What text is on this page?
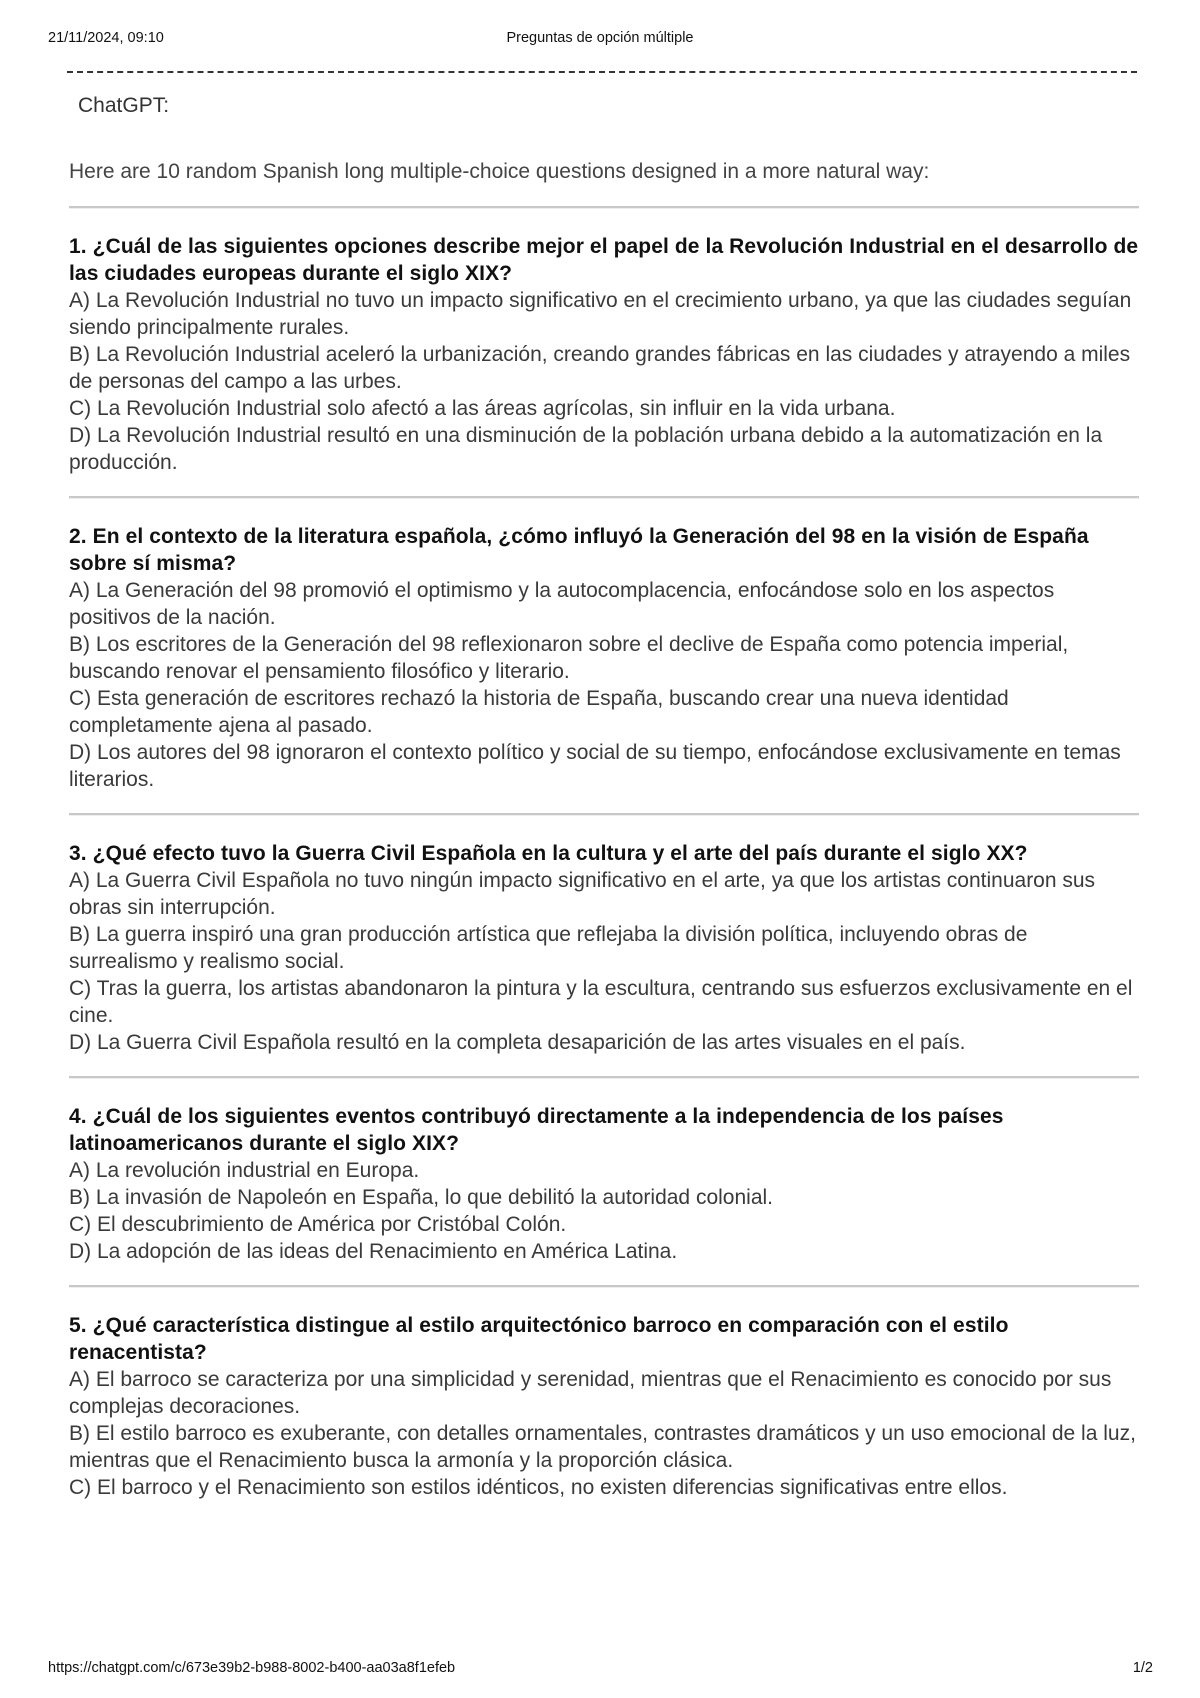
21/11/2024, 09:10	Preguntas de opción múltiple
ChatGPT:
Here are 10 random Spanish long multiple-choice questions designed in a more natural way:
1. ¿Cuál de las siguientes opciones describe mejor el papel de la Revolución Industrial en el desarrollo de las ciudades europeas durante el siglo XIX?
A) La Revolución Industrial no tuvo un impacto significativo en el crecimiento urbano, ya que las ciudades seguían siendo principalmente rurales.
B) La Revolución Industrial aceleró la urbanización, creando grandes fábricas en las ciudades y atrayendo a miles de personas del campo a las urbes.
C) La Revolución Industrial solo afectó a las áreas agrícolas, sin influir en la vida urbana.
D) La Revolución Industrial resultó en una disminución de la población urbana debido a la automatización en la producción.
2. En el contexto de la literatura española, ¿cómo influyó la Generación del 98 en la visión de España sobre sí misma?
A) La Generación del 98 promovió el optimismo y la autocomplacencia, enfocándose solo en los aspectos positivos de la nación.
B) Los escritores de la Generación del 98 reflexionaron sobre el declive de España como potencia imperial, buscando renovar el pensamiento filosófico y literario.
C) Esta generación de escritores rechazó la historia de España, buscando crear una nueva identidad completamente ajena al pasado.
D) Los autores del 98 ignoraron el contexto político y social de su tiempo, enfocándose exclusivamente en temas literarios.
3. ¿Qué efecto tuvo la Guerra Civil Española en la cultura y el arte del país durante el siglo XX?
A) La Guerra Civil Española no tuvo ningún impacto significativo en el arte, ya que los artistas continuaron sus obras sin interrupción.
B) La guerra inspiró una gran producción artística que reflejaba la división política, incluyendo obras de surrealismo y realismo social.
C) Tras la guerra, los artistas abandonaron la pintura y la escultura, centrando sus esfuerzos exclusivamente en el cine.
D) La Guerra Civil Española resultó en la completa desaparición de las artes visuales en el país.
4. ¿Cuál de los siguientes eventos contribuyó directamente a la independencia de los países latinoamericanos durante el siglo XIX?
A) La revolución industrial en Europa.
B) La invasión de Napoleón en España, lo que debilitó la autoridad colonial.
C) El descubrimiento de América por Cristóbal Colón.
D) La adopción de las ideas del Renacimiento en América Latina.
5. ¿Qué característica distingue al estilo arquitectónico barroco en comparación con el estilo renacentista?
A) El barroco se caracteriza por una simplicidad y serenidad, mientras que el Renacimiento es conocido por sus complejas decoraciones.
B) El estilo barroco es exuberante, con detalles ornamentales, contrastes dramáticos y un uso emocional de la luz, mientras que el Renacimiento busca la armonía y la proporción clásica.
C) El barroco y el Renacimiento son estilos idénticos, no existen diferencias significativas entre ellos.
https://chatgpt.com/c/673e39b2-b988-8002-b400-aa03a8f1efeb	1/2
